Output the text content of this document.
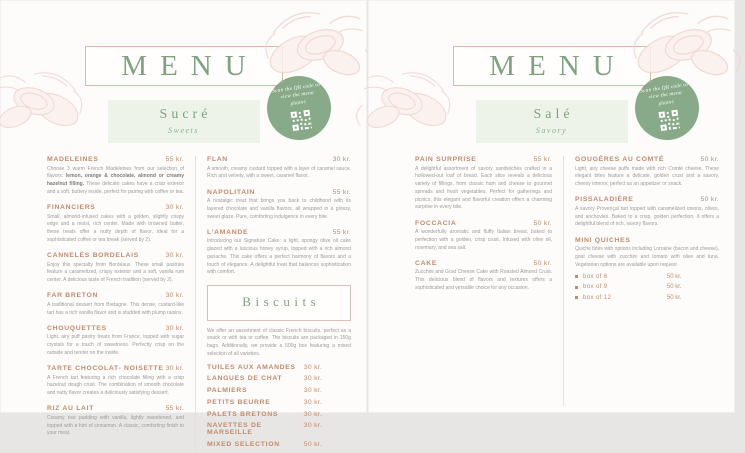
MENU
Sucré
Sweets
Scan the QR code to view the menu photos
MADELEINES	55 kr.

Choose 3 warm French Madeleines from our selection of flavors: lemon, orange & chocolate, almond or creamy hazelnut filling. These delicate cakes have a crisp exterior and a soft, buttery inside, perfect for pairing with coffee or tea.

FINANCIERS	30 kr.

Small, almond-infused cakes with a golden, slightly crispy edge and a moist, rich center. Made with browned butter, these treats offer a nutty depth of flavor, ideal for a sophisticated coffee or tea break (served by 2).

CANNELÉS BORDELAIS	30 kr.

Enjoy this specialty from Bordeaux. These small pastries feature a caramelized, crispy exterior and a soft, vanilla rum center. A delicious taste of French tradition (served by 2).

FAR BRETON	30 kr.

A traditional dessert from Bretagne. This dense, custard-like tart has a rich vanilla flavor and is studded with plump raisins.

CHOUQUETTES	30 kr.

Light, airy puff pastry treats from France, topped with sugar crystals for a touch of sweetness. Perfectly crisp on the outside and tender on the inside.

TARTE CHOCOLAT- NOISETTE 30 kr.

A French tart featuring a rich chocolate filling with a crisp hazelnut dough crust. The combination of smooth chocolate and nutty flavor creates a deliciously satisfying dessert.

RIZ AU LAIT	55 kr.

Creamy rice pudding with vanilla, lightly sweetened, and topped with a hint of cinnamon. A classic, comforting finish to your meal.

FLAN	30 kr.

A smooth, creamy custard topped with a layer of caramel sauce. Rich and velvety, with a sweet, caramel flavor.

NAPOLITAIN	55 kr.

A nostalgic treat that brings you back to childhood with its layered chocolate and vanilla flavors, all wrapped in a glossy, sweet glaze. Pure, comforting indulgence in every bite.

L'AMANDE	55 kr.

Introducing our Signature Cake: a light, spongy olive oil cake glazed with a luscious honey syrup, topped with a rich almond ganache. This cake offers a perfect harmony of flavors and a touch of elegance. A delightful treat that balances sophistication with comfort.

Biscuits

We offer an assortment of classic French biscuits, perfect as a snack or with tea or coffee. The biscuits are packaged in 150g bags. Additionally, we provide a 500g box featuring a mixed selection of all varieties.

TUILES AUX AMANDES 30 kr.
LANGUES DE CHAT	30 kr.
PALMIERS	30 kr.
PETITS BEURRE	30 kr.
PALETS BRETONS	30 kr.
NAVETTES DE MARSEILLE
30 kr.
MIXED SELECTION	50 kr.
MENU
Salé
Savory
Scan the QR code to view the menu photos
PAIN SURPRISE	55 kr.

A delightful assortment of savory sandwiches crafted in a hollowed-out loaf of bread. Each slice reveals a delicious variety of fillings, from classic ham and cheese to gourmet spreads and fresh vegetables. Perfect for gatherings and picnics, this elegant and flavorful creation offers a charming surprise in every bite.

FOCCACIA	50 kr.

A wonderfully aromatic and fluffy Italian bread, baked to perfection with a golden, crisp crust. Infused with olive oil, rosemary, and sea salt.

CAKE	50 kr.

Zucchini and Goat Cheese Cake with Roasted Almond Crust. This delicious blend of flavors and textures offers a sophisticated and versatile choice for any occasion.

GOUGÈRES AU COMTÉ	50 kr.

Light, airy cheese puffs made with rich Comté cheese. These elegant bites feature a delicate, golden crust and a savory, cheesy interior, perfect as an appetizer or snack.

PISSALADIÈRE	50 kr.

A savory Provençal tart topped with caramelized onions, olives, and anchovies. Baked to a crisp, golden perfection, it offers a delightful blend of rich, savory flavors.

MINI QUICHES

Quiche bites with options including Lorraine (bacon and cheese), goat cheese with zucchini and tomato with olive and tuna. Vegetarian options are available upon request

box of 6	50 kr.
box of 9	50 kr.
box of 12	50 kr.
